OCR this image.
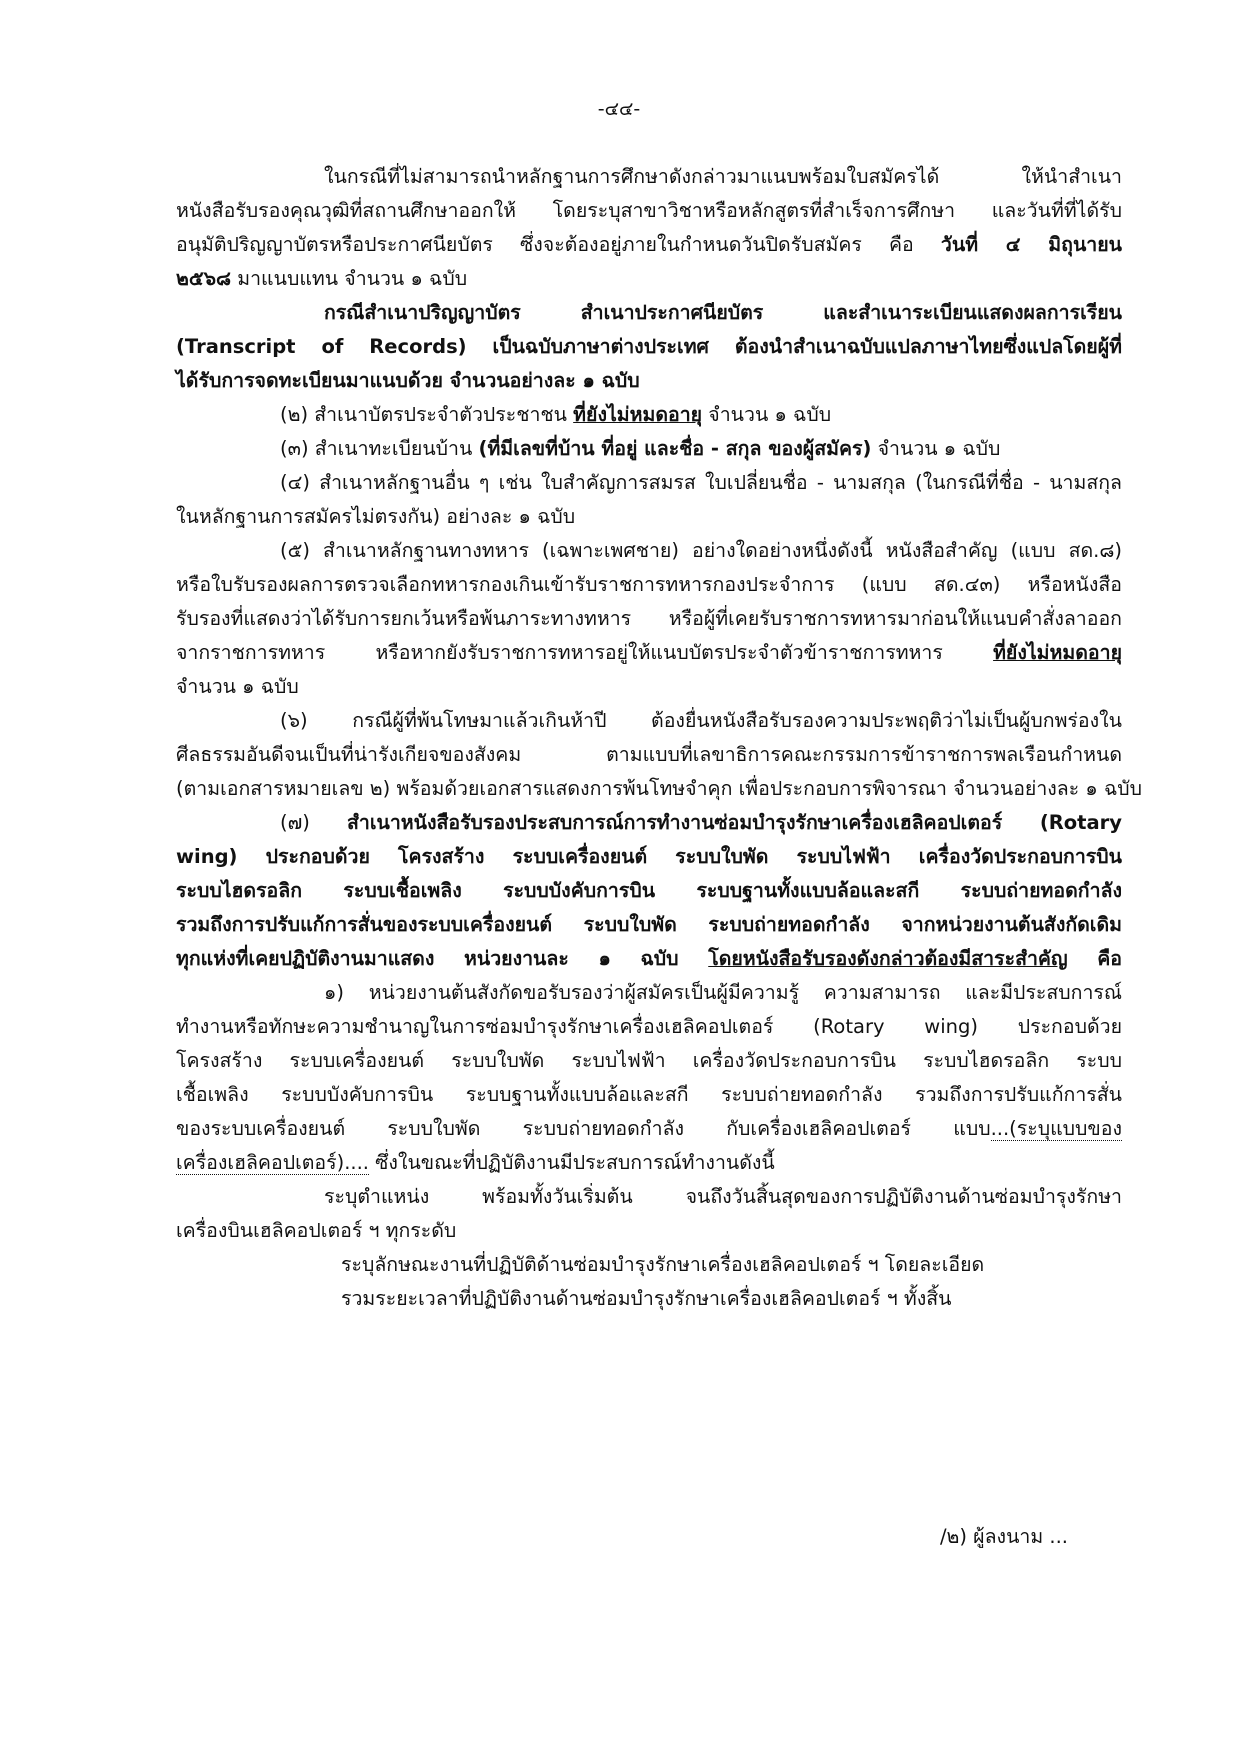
-๔๔-
ในกรณีที่ไม่สามารถนำหลักฐานการศึกษาดังกล่าวมาแนบพร้อมใบสมัครได้ ให้นำสำเนา
หนังสือรับรองคุณวุฒิที่สถานศึกษาออกให้ โดยระบุสาขาวิชาหรือหลักสูตรที่สำเร็จการศึกษา และวันที่ที่ได้รับ
อนุมัติปริญญาบัตรหรือประกาศนียบัตร ซึ่งจะต้องอยู่ภายในกำหนดวันปิดรับสมัคร คือ วันที่ ๔ มิถุนายน
๒๕๖๘ มาแนบแทน จำนวน ๑ ฉบับ
กรณีสำเนาปริญญาบัตร สำเนาประกาศนียบัตร และสำเนาระเบียนแสดงผลการเรียน
(Transcript of Records) เป็นฉบับภาษาต่างประเทศ ต้องนำสำเนาฉบับแปลภาษาไทยซึ่งแปลโดยผู้ที่
ได้รับการจดทะเบียนมาแนบด้วย จำนวนอย่างละ ๑ ฉบับ
(๒) สำเนาบัตรประจำตัวประชาชน ที่ยังไม่หมดอายุ จำนวน ๑ ฉบับ
(๓) สำเนาทะเบียนบ้าน (ที่มีเลขที่บ้าน ที่อยู่ และชื่อ - สกุล ของผู้สมัคร) จำนวน ๑ ฉบับ
(๔) สำเนาหลักฐานอื่น ๆ เช่น ใบสำคัญการสมรส ใบเปลี่ยนชื่อ - นามสกุล (ในกรณีที่ชื่อ - นามสกุล
ในหลักฐานการสมัครไม่ตรงกัน) อย่างละ ๑ ฉบับ
(๕) สำเนาหลักฐานทางทหาร (เฉพาะเพศชาย) อย่างใดอย่างหนึ่งดังนี้ หนังสือสำคัญ (แบบ สด.๘)
หรือใบรับรองผลการตรวจเลือกทหารกองเกินเข้ารับราชการทหารกองประจำการ (แบบ สด.๔๓) หรือหนังสือ
รับรองที่แสดงว่าได้รับการยกเว้นหรือพ้นภาระทางทหาร หรือผู้ที่เคยรับราชการทหารมาก่อนให้แนบคำสั่งลาออก
จากราชการทหาร หรือหากยังรับราชการทหารอยู่ให้แนบบัตรประจำตัวข้าราชการทหาร ที่ยังไม่หมดอายุ
จำนวน ๑ ฉบับ
(๖) กรณีผู้ที่พ้นโทษมาแล้วเกินห้าปี ต้องยื่นหนังสือรับรองความประพฤติว่าไม่เป็นผู้บกพร่องใน
ศีลธรรมอันดีจนเป็นที่น่ารังเกียจของสังคม ตามแบบที่เลขาธิการคณะกรรมการข้าราชการพลเรือนกำหนด
(ตามเอกสารหมายเลข ๒) พร้อมด้วยเอกสารแสดงการพ้นโทษจำคุก เพื่อประกอบการพิจารณา จำนวนอย่างละ ๑ ฉบับ
(๗) สำเนาหนังสือรับรองประสบการณ์การทำงานซ่อมบำรุงรักษาเครื่องเฮลิคอปเตอร์ (Rotary
wing) ประกอบด้วย โครงสร้าง ระบบเครื่องยนต์ ระบบใบพัด ระบบไฟฟ้า เครื่องวัดประกอบการบิน
ระบบไฮดรอลิก ระบบเชื้อเพลิง ระบบบังคับการบิน ระบบฐานทั้งแบบล้อและสกี ระบบถ่ายทอดกำลัง
รวมถึงการปรับแก้การสั่นของระบบเครื่องยนต์ ระบบใบพัด ระบบถ่ายทอดกำลัง จากหน่วยงานต้นสังกัดเดิม
ทุกแห่งที่เคยปฏิบัติงานมาแสดง หน่วยงานละ ๑ ฉบับ โดยหนังสือรับรองดังกล่าวต้องมีสาระสำคัญ คือ
๑) หน่วยงานต้นสังกัดขอรับรองว่าผู้สมัครเป็นผู้มีความรู้ ความสามารถ และมีประสบการณ์
ทำงานหรือทักษะความชำนาญในการซ่อมบำรุงรักษาเครื่องเฮลิคอปเตอร์ (Rotary wing) ประกอบด้วย
โครงสร้าง ระบบเครื่องยนต์ ระบบใบพัด ระบบไฟฟ้า เครื่องวัดประกอบการบิน ระบบไฮดรอลิก ระบบ
เชื้อเพลิง ระบบบังคับการบิน ระบบฐานทั้งแบบล้อและสกี ระบบถ่ายทอดกำลัง รวมถึงการปรับแก้การสั่น
ของระบบเครื่องยนต์ ระบบใบพัด ระบบถ่ายทอดกำลัง กับเครื่องเฮลิคอปเตอร์ แบบ...(ระบุแบบของ
เครื่องเฮลิคอปเตอร์).... ซึ่งในขณะที่ปฏิบัติงานมีประสบการณ์ทำงานดังนี้
ระบุตำแหน่ง พร้อมทั้งวันเริ่มต้น จนถึงวันสิ้นสุดของการปฏิบัติงานด้านซ่อมบำรุงรักษา
เครื่องบินเฮลิคอปเตอร์ ฯ ทุกระดับ
ระบุลักษณะงานที่ปฏิบัติด้านซ่อมบำรุงรักษาเครื่องเฮลิคอปเตอร์ ฯ โดยละเอียด
รวมระยะเวลาที่ปฏิบัติงานด้านซ่อมบำรุงรักษาเครื่องเฮลิคอปเตอร์ ฯ ทั้งสิ้น
/๒) ผู้ลงนาม ...
